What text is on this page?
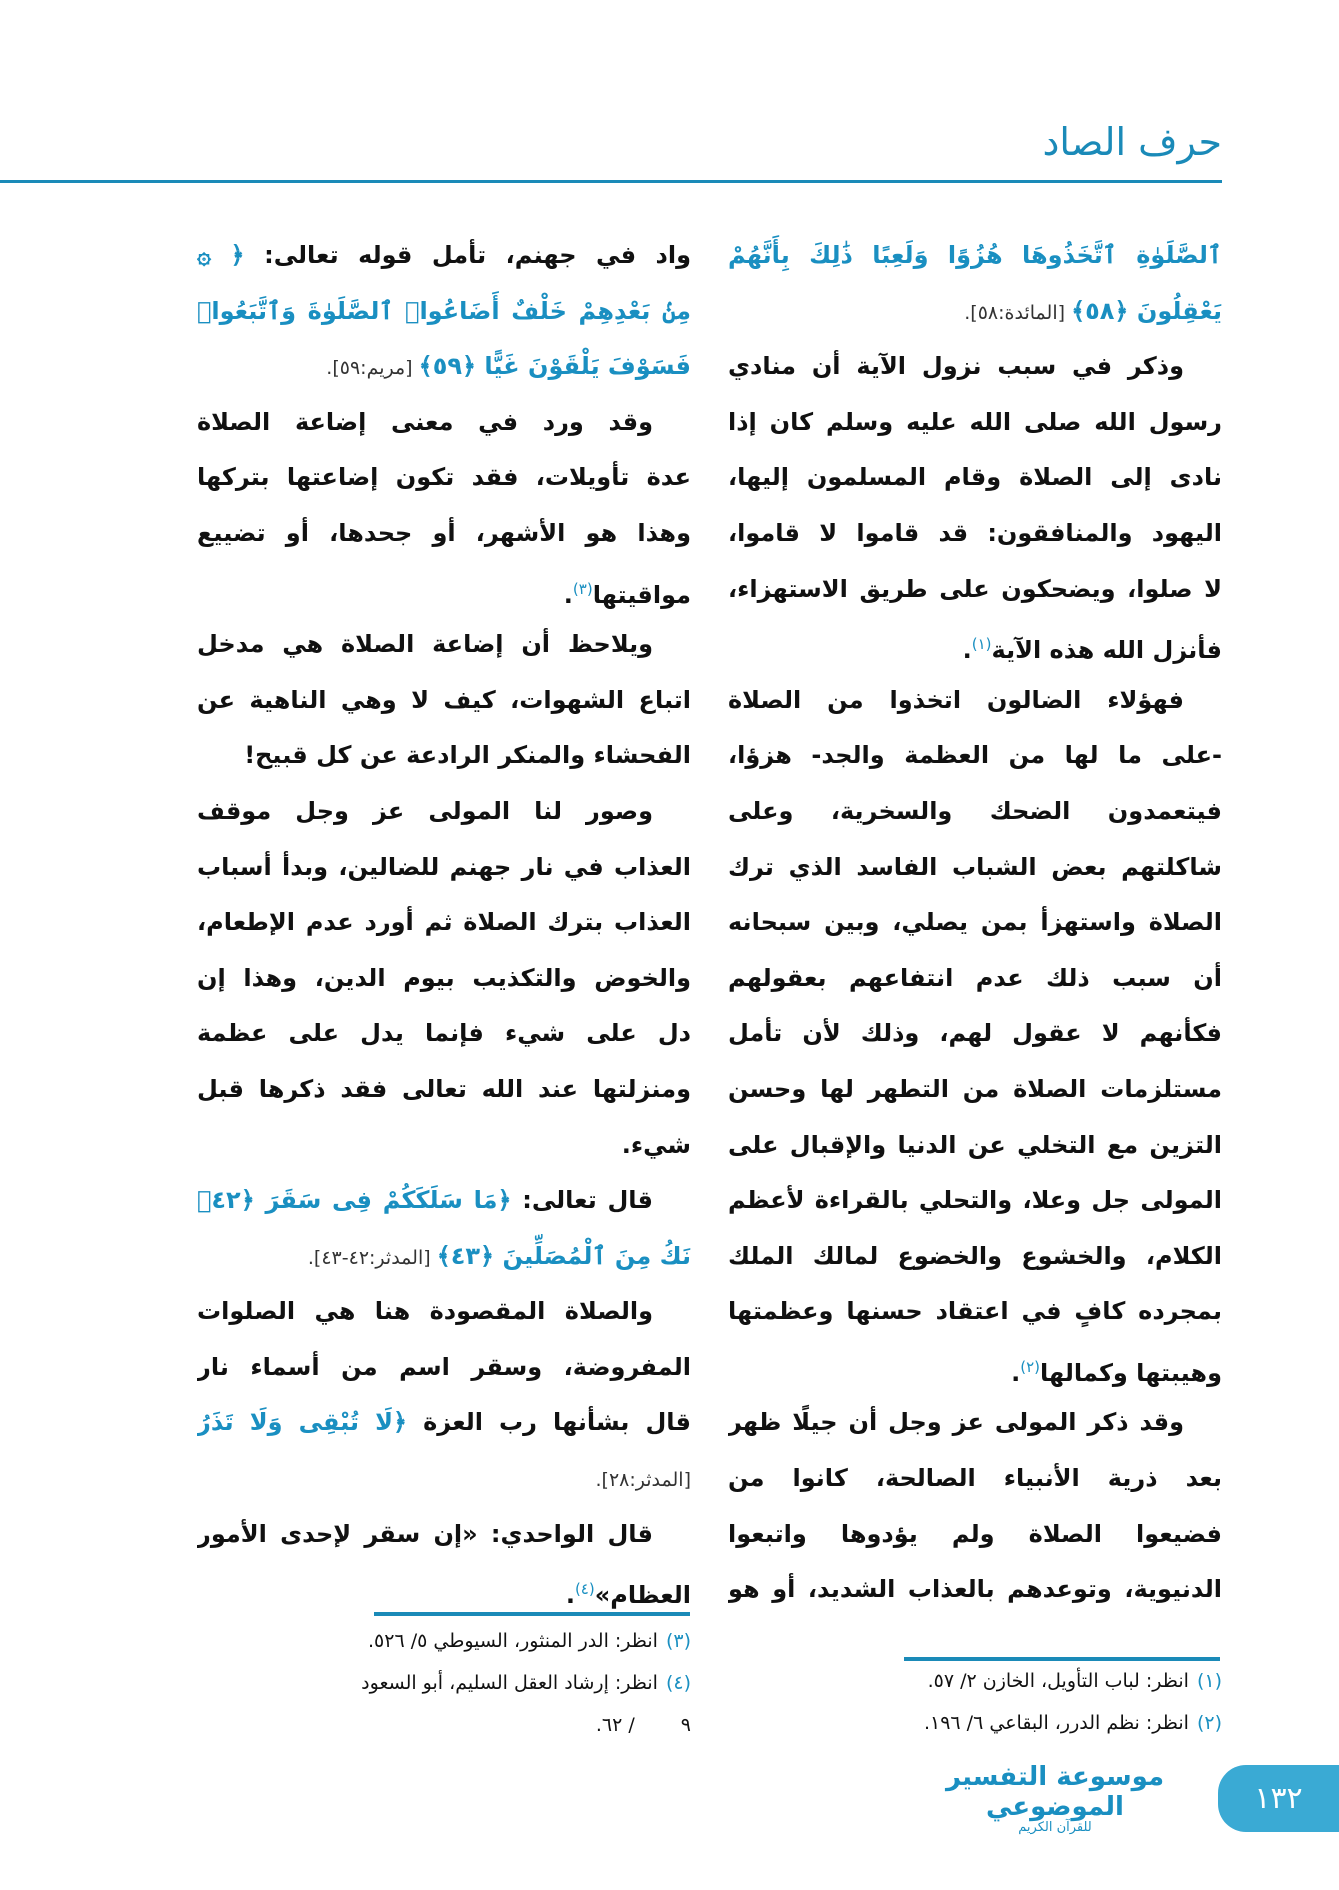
حرف الصاد
ٱلصَّلَوٰةِ ٱتَّخَذُوهَا هُزُوًا وَلَعِبًا ذَٰلِكَ بِأَنَّهُمْ
يَعْقِلُونَ ﴿٥٨﴾ [المائدة:٥٨].
وذكر في سبب نزول الآية أن منادي
رسول الله صلى الله عليه وسلم كان إذا
نادى إلى الصلاة وقام المسلمون إليها،
اليهود والمنافقون: قد قاموا لا قاموا،
لا صلوا، ويضحكون على طريق الاستهزاء،
فأنزل الله هذه الآية$^{(١)}$.
فهؤلاء الضالون اتخذوا من الصلاة
-على ما لها من العظمة والجد- هزؤا،
فيتعمدون الضحك والسخرية، وعلى
شاكلتهم بعض الشباب الفاسد الذي ترك
الصلاة واستهزأ بمن يصلي، وبين سبحانه
أن سبب ذلك عدم انتفاعهم بعقولهم
فكأنهم لا عقول لهم، وذلك لأن تأمل
مستلزمات الصلاة من التطهر لها وحسن
التزين مع التخلي عن الدنيا والإقبال على
المولى جل وعلا، والتحلي بالقراءة لأعظم
الكلام، والخشوع والخضوع لمالك الملك
بمجرده كافٍ في اعتقاد حسنها وعظمتها
وهيبتها وكمالها$^{(٢)}$.
وقد ذكر المولى عز وجل أن جيلًا ظهر
بعد ذرية الأنبياء الصالحة، كانوا من
فضيعوا الصلاة ولم يؤدوها واتبعوا
الدنيوية، وتوعدهم بالعذاب الشديد، أو هو
واد في جهنم، تأمل قوله تعالى: ﴿ ۞
مِنۢ بَعْدِهِمْ خَلْفٌ أَضَاعُوا۟ ٱلصَّلَوٰةَ وَٱتَّبَعُوا۟
فَسَوْفَ يَلْقَوْنَ غَيًّا ﴿٥٩﴾ [مريم:٥٩].
وقد ورد في معنى إضاعة الصلاة
عدة تأويلات، فقد تكون إضاعتها بتركها
وهذا هو الأشهر، أو جحدها، أو تضييع
مواقيتها$^{(٣)}$.
ويلاحظ أن إضاعة الصلاة هي مدخل
اتباع الشهوات، كيف لا وهي الناهية عن
الفحشاء والمنكر الرادعة عن كل قبيح!
وصور لنا المولى عز وجل موقف
العذاب في نار جهنم للضالين، وبدأ أسباب
العذاب بترك الصلاة ثم أورد عدم الإطعام،
والخوض والتكذيب بيوم الدين، وهذا إن
دل على شيء فإنما يدل على عظمة
ومنزلتها عند الله تعالى فقد ذكرها قبل
شيء.
قال تعالى: ﴿مَا سَلَكَكُمْ فِى سَقَرَ ﴿٤٢﴾
نَكُ مِنَ ٱلْمُصَلِّينَ ﴿٤٣﴾ [المدثر:٤٢-٤٣].
والصلاة المقصودة هنا هي الصلوات
المفروضة، وسقر اسم من أسماء نار
قال بشأنها رب العزة ﴿لَا تُبْقِى وَلَا تَذَرُ
[المدثر:٢٨].
قال الواحدي: «إن سقر لإحدى الأمور
العظام»$^{(٤)}$.
(١)انظر: لباب التأويل، الخازن ٢/ ٥٧.
(٢)انظر: نظم الدرر، البقاعي ٦/ ١٩٦.
(٣)انظر: الدر المنثور، السيوطي ٥/ ٥٢٦.
(٤)انظر: إرشاد العقل السليم، أبو السعود
٩/ ٦٢.
موسوعة التفسير الموضوعي
للقرآن الكريم
١٣٢
